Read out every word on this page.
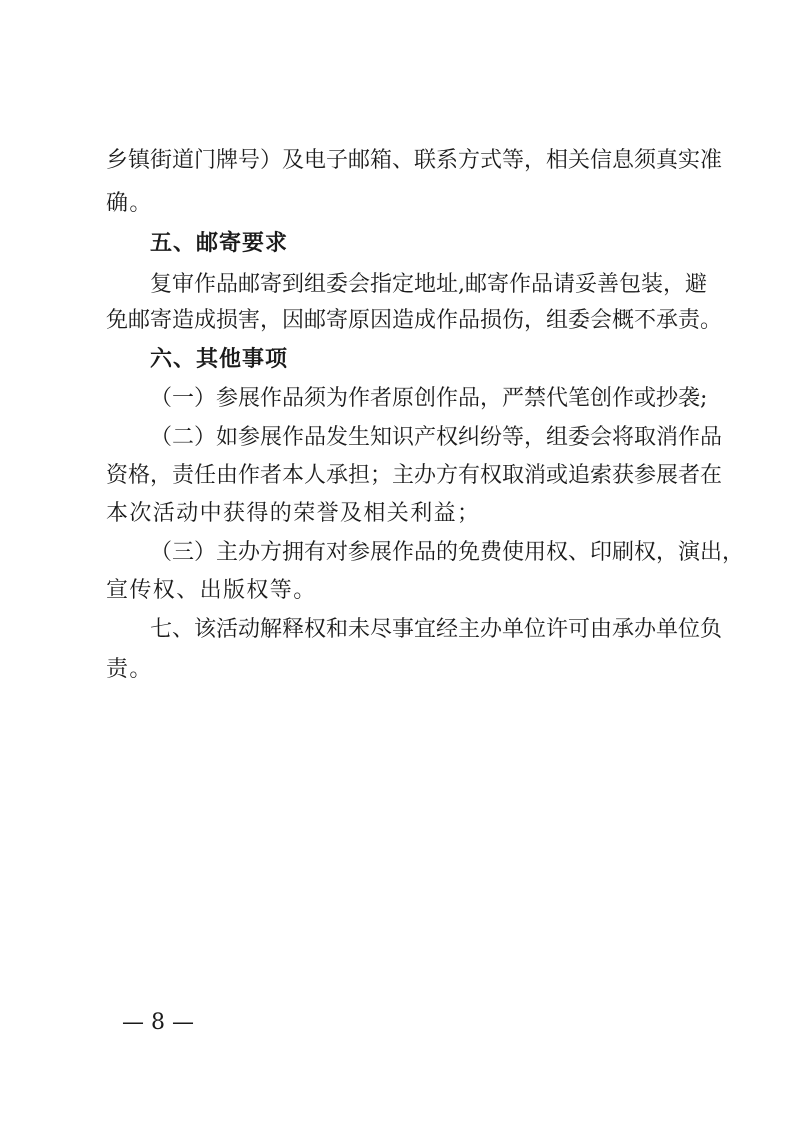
乡镇街道门牌号）及电子邮箱、联系方式等，相关信息须真实准
确。
五、邮寄要求
复审作品邮寄到组委会指定地址,邮寄作品请妥善包装，避
免邮寄造成损害，因邮寄原因造成作品损伤，组委会概不承责。
六、其他事项
（一）参展作品须为作者原创作品，严禁代笔创作或抄袭;
（二）如参展作品发生知识产权纠纷等，组委会将取消作品
资格，责任由作者本人承担；主办方有权取消或追索获参展者在
本次活动中获得的荣誉及相关利益；
（三）主办方拥有对参展作品的免费使用权、印刷权，演出，
宣传权、出版权等。
七、该活动解释权和未尽事宜经主办单位许可由承办单位负
责。
— 8 —
